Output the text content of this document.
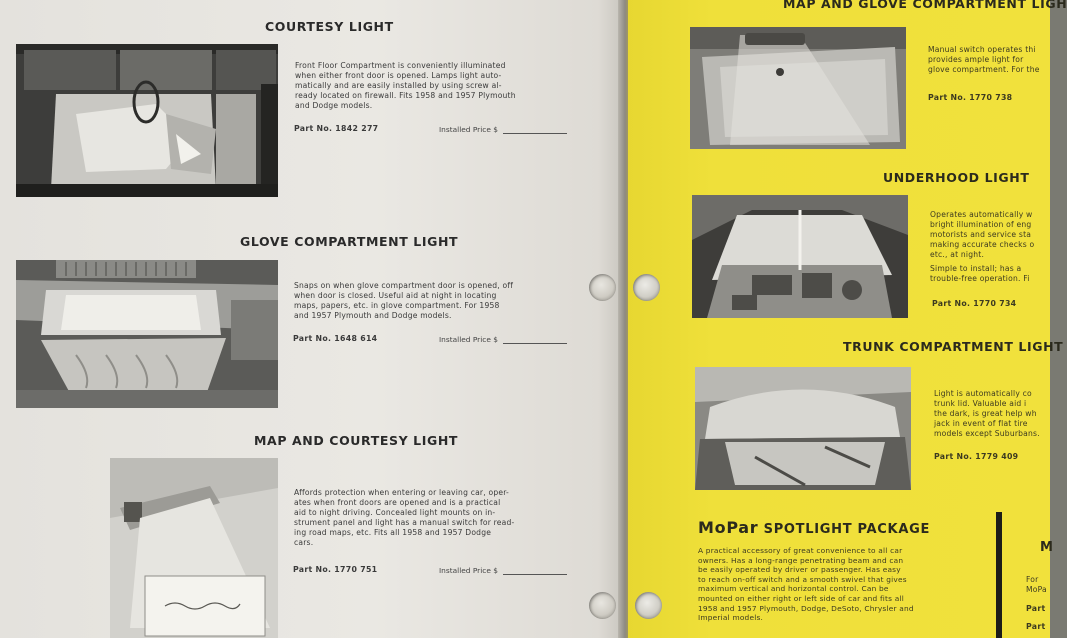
COURTESY LIGHT
Front Floor Compartment is conveniently illuminated
when either front door is opened. Lamps light auto-
matically and are easily installed by using screw al-
ready located on firewall. Fits 1958 and 1957 Plymouth
and Dodge models.
Part No. 1842 277	Installed Price $
GLOVE COMPARTMENT LIGHT
Snaps on when glove compartment door is opened, off
when door is closed. Useful aid at night in locating
maps, papers, etc. in glove compartment. For 1958
and 1957 Plymouth and Dodge models.
Part No. 1648 614	Installed Price $
MAP AND COURTESY LIGHT
Affords protection when entering or leaving car, oper-
ates when front doors are opened and is a practical
aid to night driving. Concealed light mounts on in-
strument panel and light has a manual switch for read-
ing road maps, etc. Fits all 1958 and 1957 Dodge
cars.
Part No. 1770 751	Installed Price $
MAP AND GLOVE COMPARTMENT LIGH
Manual switch operates thi
provides ample light for
glove compartment. For the
Part No. 1770 738
UNDERHOOD LIGHT
Operates automatically w
bright illumination of eng
motorists and service sta
making accurate checks o
etc., at night.
Simple to install; has a
trouble-free operation. Fi
Part No. 1770 734
TRUNK COMPARTMENT LIGHT
Light is automatically co
trunk lid. Valuable aid i
the dark, is great help wh
jack in event of flat tire
models except Suburbans.
Part No. 1779 409
MoPar SPOTLIGHT PACKAGE
A practical accessory of great convenience to all car
owners. Has a long-range penetrating beam and can
be easily operated by driver or passenger. Has easy
to reach on-off switch and a smooth swivel that gives
maximum vertical and horizontal control. Can be
mounted on either right or left side of car and fits all
1958 and 1957 Plymouth, Dodge, DeSoto, Chrysler and
Imperial models.
M
For
MoPa
Part
Part
